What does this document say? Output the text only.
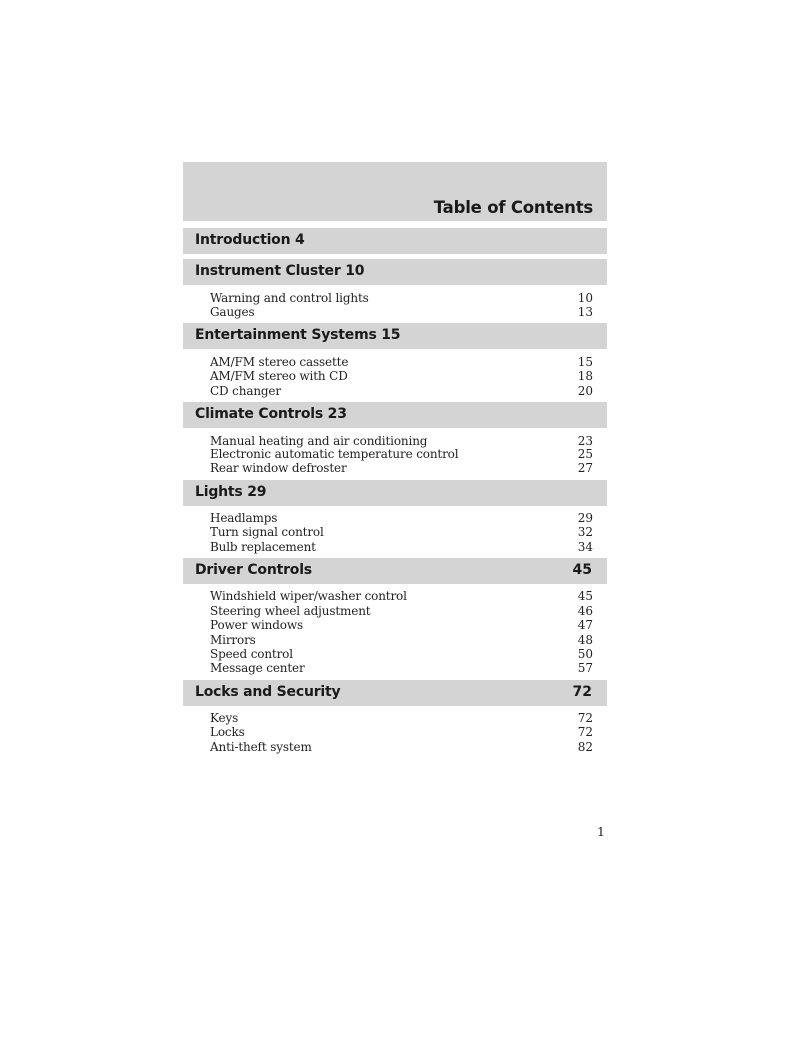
Table of Contents
Introduction 4
Instrument Cluster 10
Warning and control lights	10
Gauges	13
Entertainment Systems 15
AM/FM stereo cassette	15
AM/FM stereo with CD	18
CD changer	20
Climate Controls 23
Manual heating and air conditioning	23
Electronic automatic temperature control	25
Rear window defroster	27
Lights 29
Headlamps	29
Turn signal control	32
Bulb replacement	34
Driver Controls	45
Windshield wiper/washer control	45
Steering wheel adjustment	46
Power windows	47
Mirrors	48
Speed control	50
Message center	57
Locks and Security	72
Keys	72
Locks	72
Anti-theft system	82
1
